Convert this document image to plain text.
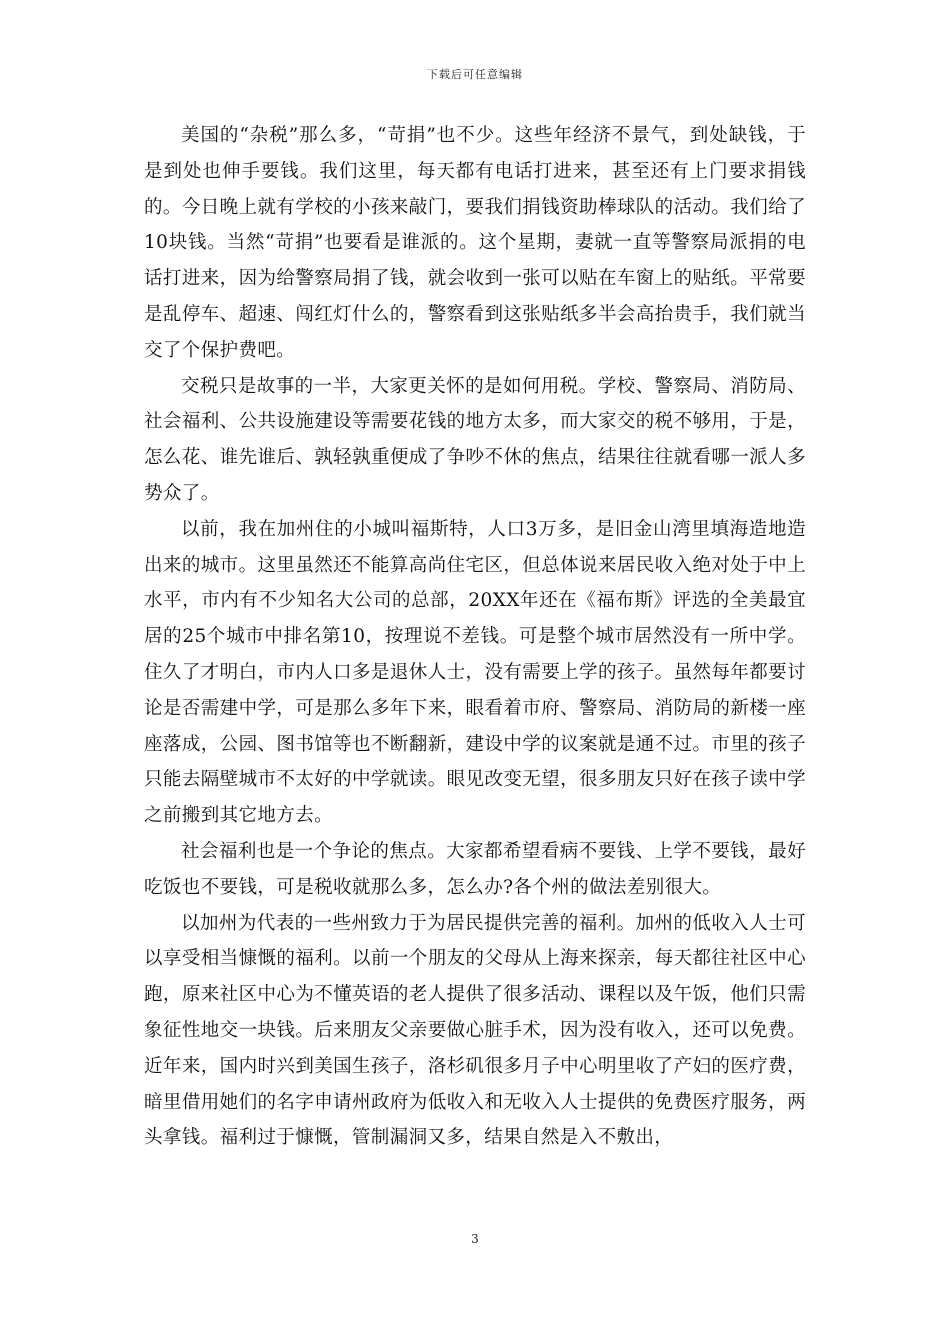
下载后可任意编辑

美国的“杂税”那么多，“苛捐”也不少。这些年经济不景气，到处缺钱，于是到处也伸手要钱。我们这里，每天都有电话打进来，甚至还有上门要求捐钱的。今日晚上就有学校的小孩来敲门，要我们捐钱资助棒球队的活动。我们给了10块钱。当然“苛捐”也要看是谁派的。这个星期，妻就一直等警察局派捐的电话打进来，因为给警察局捐了钱，就会收到一张可以贴在车窗上的贴纸。平常要是乱停车、超速、闯红灯什么的，警察看到这张贴纸多半会高抬贵手，我们就当交了个保护费吧。

交税只是故事的一半，大家更关怀的是如何用税。学校、警察局、消防局、社会福利、公共设施建设等需要花钱的地方太多，而大家交的税不够用，于是，怎么花、谁先谁后、孰轻孰重便成了争吵不休的焦点，结果往往就看哪一派人多势众了。

以前，我在加州住的小城叫福斯特，人口3万多，是旧金山湾里填海造地造出来的城市。这里虽然还不能算高尚住宅区，但总体说来居民收入绝对处于中上水平，市内有不少知名大公司的总部，20XX年还在《福布斯》评选的全美最宜居的25个城市中排名第10，按理说不差钱。可是整个城市居然没有一所中学。住久了才明白，市内人口多是退休人士，没有需要上学的孩子。虽然每年都要讨论是否需建中学，可是那么多年下来，眼看着市府、警察局、消防局的新楼一座座落成，公园、图书馆等也不断翻新，建设中学的议案就是通不过。市里的孩子只能去隔壁城市不太好的中学就读。眼见改变无望，很多朋友只好在孩子读中学之前搬到其它地方去。

社会福利也是一个争论的焦点。大家都希望看病不要钱、上学不要钱，最好吃饭也不要钱，可是税收就那么多，怎么办?各个州的做法差别很大。

以加州为代表的一些州致力于为居民提供完善的福利。加州的低收入人士可以享受相当慷慨的福利。以前一个朋友的父母从上海来探亲，每天都往社区中心跑，原来社区中心为不懂英语的老人提供了很多活动、课程以及午饭，他们只需象征性地交一块钱。后来朋友父亲要做心脏手术，因为没有收入，还可以免费。近年来，国内时兴到美国生孩子，洛杉矶很多月子中心明里收了产妇的医疗费，暗里借用她们的名字申请州政府为低收入和无收入人士提供的免费医疗服务，两头拿钱。福利过于慷慨，管制漏洞又多，结果自然是入不敷出，

3
